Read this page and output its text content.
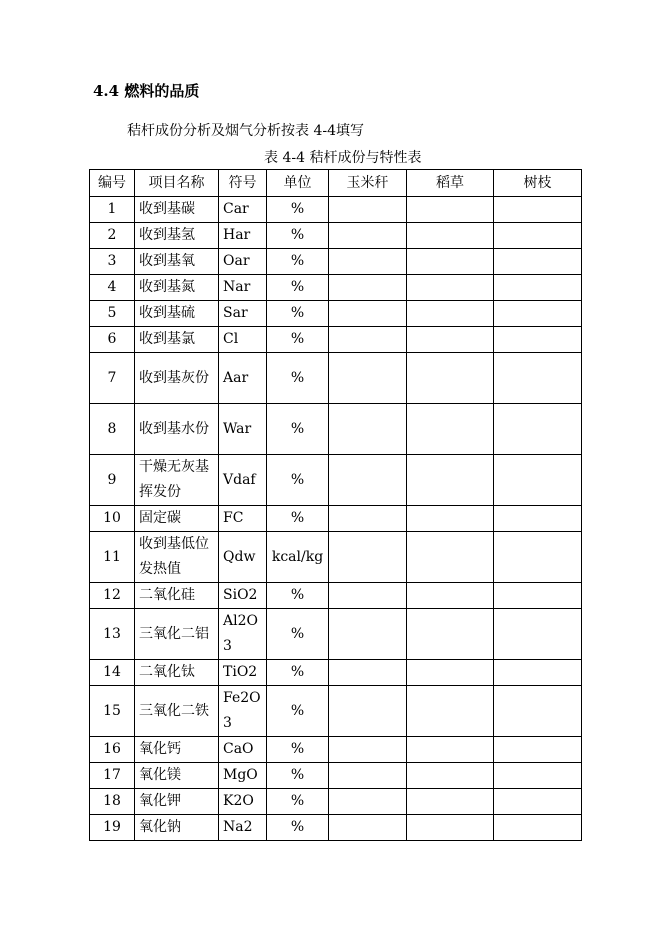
4.4 燃料的品质
秸杆成份分析及烟气分析按表 4-4填写
表 4-4 秸杆成份与特性表
编号	项目名称	符号	单位	玉米秆	稻草	树枝
1	收到基碳	Car	%			
2	收到基氢	Har	%			
3	收到基氧	Oar	%			
4	收到基氮	Nar	%			
5	收到基硫	Sar	%			
6	收到基氯	Cl	%			
7	收到基灰份	Aar	%			
8	收到基水份	War	%			
9	干燥无灰基挥发份	Vdaf	%			
10	固定碳	FC	%			
11	收到基低位发热值	Qdw	kcal/kg			
12	二氧化硅	SiO2	%			
13	三氧化二铝	Al2O3	%			
14	二氧化钛	TiO2	%			
15	三氧化二铁	Fe2O3	%			
16	氧化钙	CaO	%			
17	氧化镁	MgO	%			
18	氧化钾	K2O	%			
19	氧化钠	Na2	%			
